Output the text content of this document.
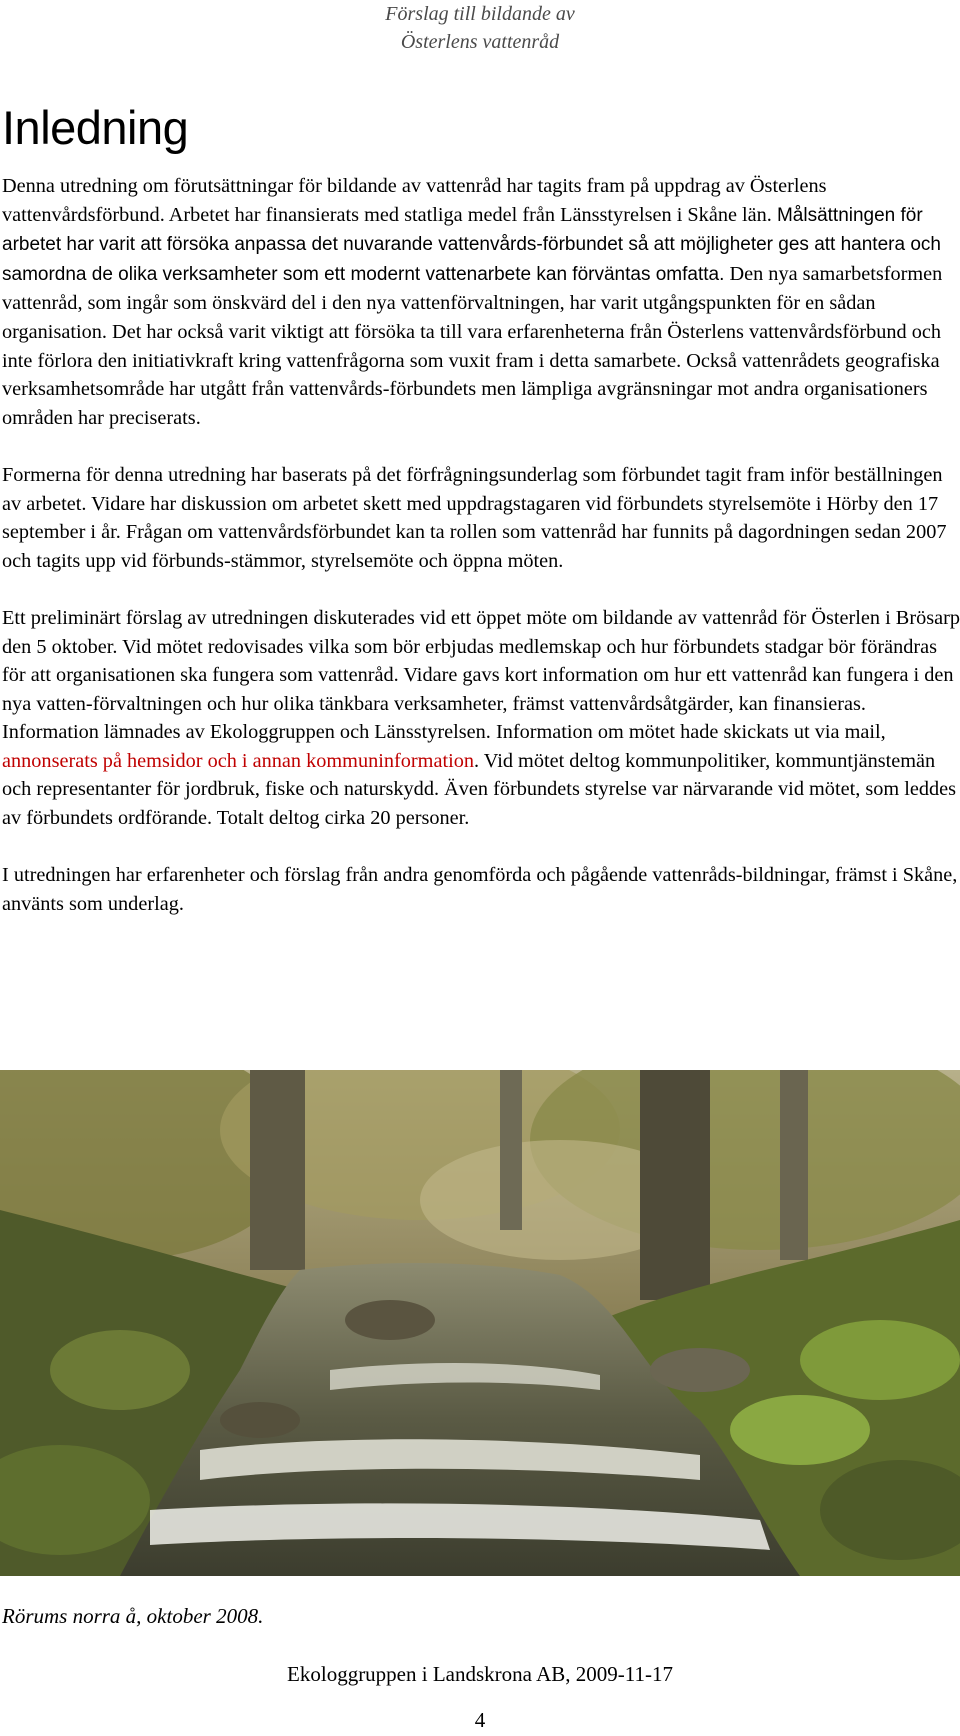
Förslag till bildande av
Österlens vattenråd
Inledning

Denna utredning om förutsättningar för bildande av vattenråd har tagits fram på uppdrag av Österlens vattenvårdsförbund. Arbetet har finansierats med statliga medel från Länsstyrelsen i Skåne län. Målsättningen för arbetet har varit att försöka anpassa det nuvarande vattenvårds-förbundet så att möjligheter ges att hantera och samordna de olika verksamheter som ett modernt vattenarbete kan förväntas omfatta. Den nya samarbetsformen vattenråd, som ingår som önskvärd del i den nya vattenförvaltningen, har varit utgångspunkten för en sådan organisation. Det har också varit viktigt att försöka ta till vara erfarenheterna från Österlens vattenvårdsförbund och inte förlora den initiativkraft kring vattenfrågorna som vuxit fram i detta samarbete. Också vattenrådets geografiska verksamhetsområde har utgått från vattenvårds-förbundets men lämpliga avgränsningar mot andra organisationers områden har preciserats.

Formerna för denna utredning har baserats på det förfrågningsunderlag som förbundet tagit fram inför beställningen av arbetet. Vidare har diskussion om arbetet skett med uppdragstagaren vid förbundets styrelsemöte i Hörby den 17 september i år. Frågan om vattenvårdsförbundet kan ta rollen som vattenråd har funnits på dagordningen sedan 2007 och tagits upp vid förbunds-stämmor, styrelsemöte och öppna möten.

Ett preliminärt förslag av utredningen diskuterades vid ett öppet möte om bildande av vattenråd för Österlen i Brösarp den 5 oktober. Vid mötet redovisades vilka som bör erbjudas medlemskap och hur förbundets stadgar bör förändras för att organisationen ska fungera som vattenråd. Vidare gavs kort information om hur ett vattenråd kan fungera i den nya vatten-förvaltningen och hur olika tänkbara verksamheter, främst vattenvårdsåtgärder, kan finansieras. Information lämnades av Ekologgruppen och Länsstyrelsen. Information om mötet hade skickats ut via mail, annonserats på hemsidor och i annan kommuninformation. Vid mötet deltog kommunpolitiker, kommuntjänstemän och representanter för jordbruk, fiske och naturskydd. Även förbundets styrelse var närvarande vid mötet, som leddes av förbundets ordförande. Totalt deltog cirka 20 personer.

I utredningen har erfarenheter och förslag från andra genomförda och pågående vattenråds-bildningar, främst i Skåne, använts som underlag.

Rörums norra å, oktober 2008.
Ekologgruppen i Landskrona AB, 2009-11-17
4
